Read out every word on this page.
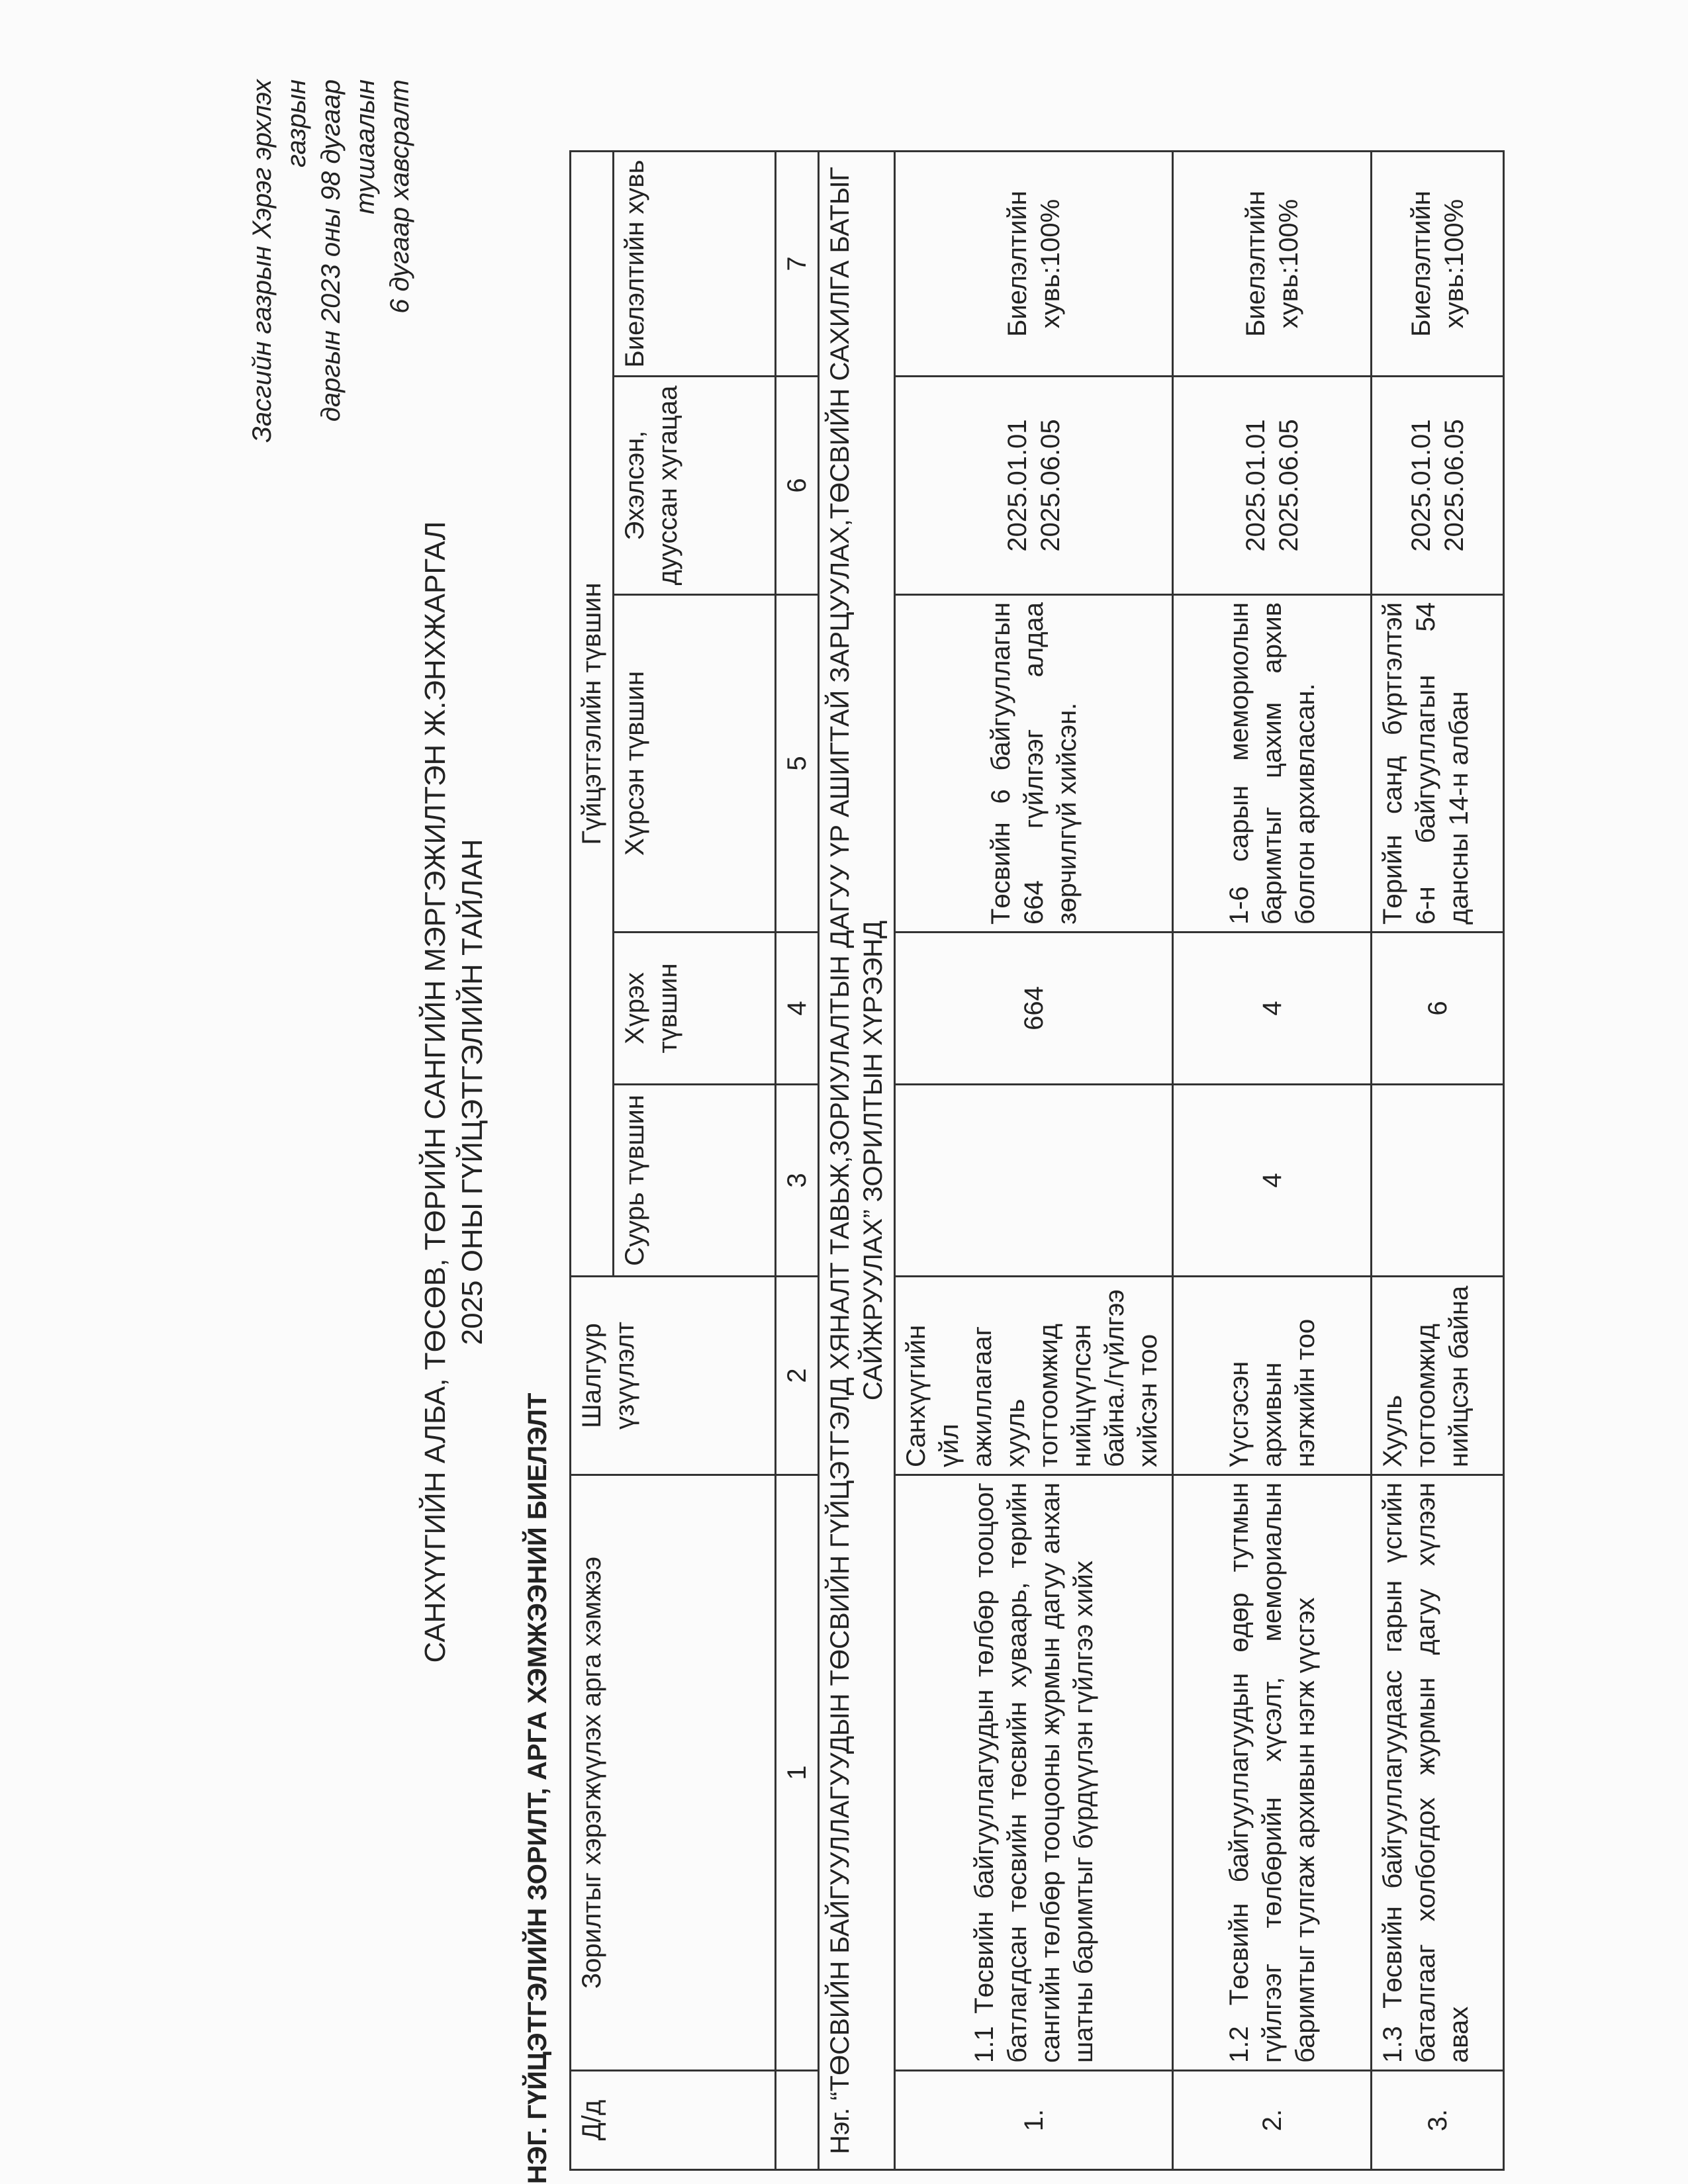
Засгийн газрын Хэрэг эрхлэх газрын даргын 2023 оны 98 дугаар тушаалын 6 дугаар хавсралт
САНХҮҮГИЙН АЛБА, ТӨСӨВ, ТӨРИЙН САНГИЙН МЭРГЭЖИЛТЭН Ж.ЭНХЖАРГАЛ 2025 ОНЫ ГҮЙЦЭТГЭЛИЙН ТАЙЛАН
НЭГ. ГҮЙЦЭТГЭЛИЙН ЗОРИЛТ, АРГА ХЭМЖЭЭНИЙ БИЕЛЭЛТ Д/д	Зорилтыг хэрэгжүүлэх арга хэмжээ	Шалгуур үзүүлэлт	Гүйцэтгэлийн түвшин				
			Суурь түвшин	Хүрэх түвшин	Хүрсэн түвшин	Эхэлсэн, дууссан хугацаа	Биелэлтийн хувь
	1	2	3	4	5	6	7
Нэг. “ТӨСВИЙН БАЙГУУЛЛАГУУДЫН ТӨСВИЙН ГҮЙЦЭТГЭЛД ХЯНАЛТ ТАВЬЖ,ЗОРИУЛАЛТЫН ДАГУУ ҮР АШИГТАЙ ЗАРЦУУЛАХ,ТӨСВИЙН САХИЛГА БАТЫГ САЙЖРУУЛАХ” ЗОРИЛТЫН ХҮРЭЭНД							
1.	1.1 Төсвийн байгууллагуудын төлбөр тооцоог батлагдсан төсвийн төсвийн хуваарь, төрийн сангийн төлбөр тооцооны журмын дагуу анхан шатны баримтыг бүрдүүлэн гүйлгээ хийх	Санхүүгийн үйл ажиллагааг хууль тогтоомжид нийцүүлсэн байна./гүйлгээ хийсэн тоо		664	Төсвийн 6 байгууллагын 664 гүйлгээг алдаа зөрчилгүй хийсэн.	2025.01.01 2025.06.05	Биелэлтийн хувь:100%
2.	1.2 Төсвийн байгууллагуудын өдөр тутмын гүйлгээг төлбөрийн хүсэлт, мемориалын баримтыг тулгаж архивын нэгж үүсгэх	Үүсгэсэн архивын нэгжийн тоо	4	4	1-6 сарын мемориолын баримтыг цахим архив болгон архивласан.	2025.01.01 2025.06.05	Биелэлтийн хувь:100%
3.	1.3 Төсвийн байгууллагуудаас гарын үсгийн баталгааг холбогдох журмын дагуу хүлээн авах	Хууль тогтоомжид нийцсэн байна		6	Төрийн санд бүртгэлтэй 6-н байгууллагын 54 дансны 14-н албан	2025.01.01 2025.06.05	Биелэлтийн хувь:100%
